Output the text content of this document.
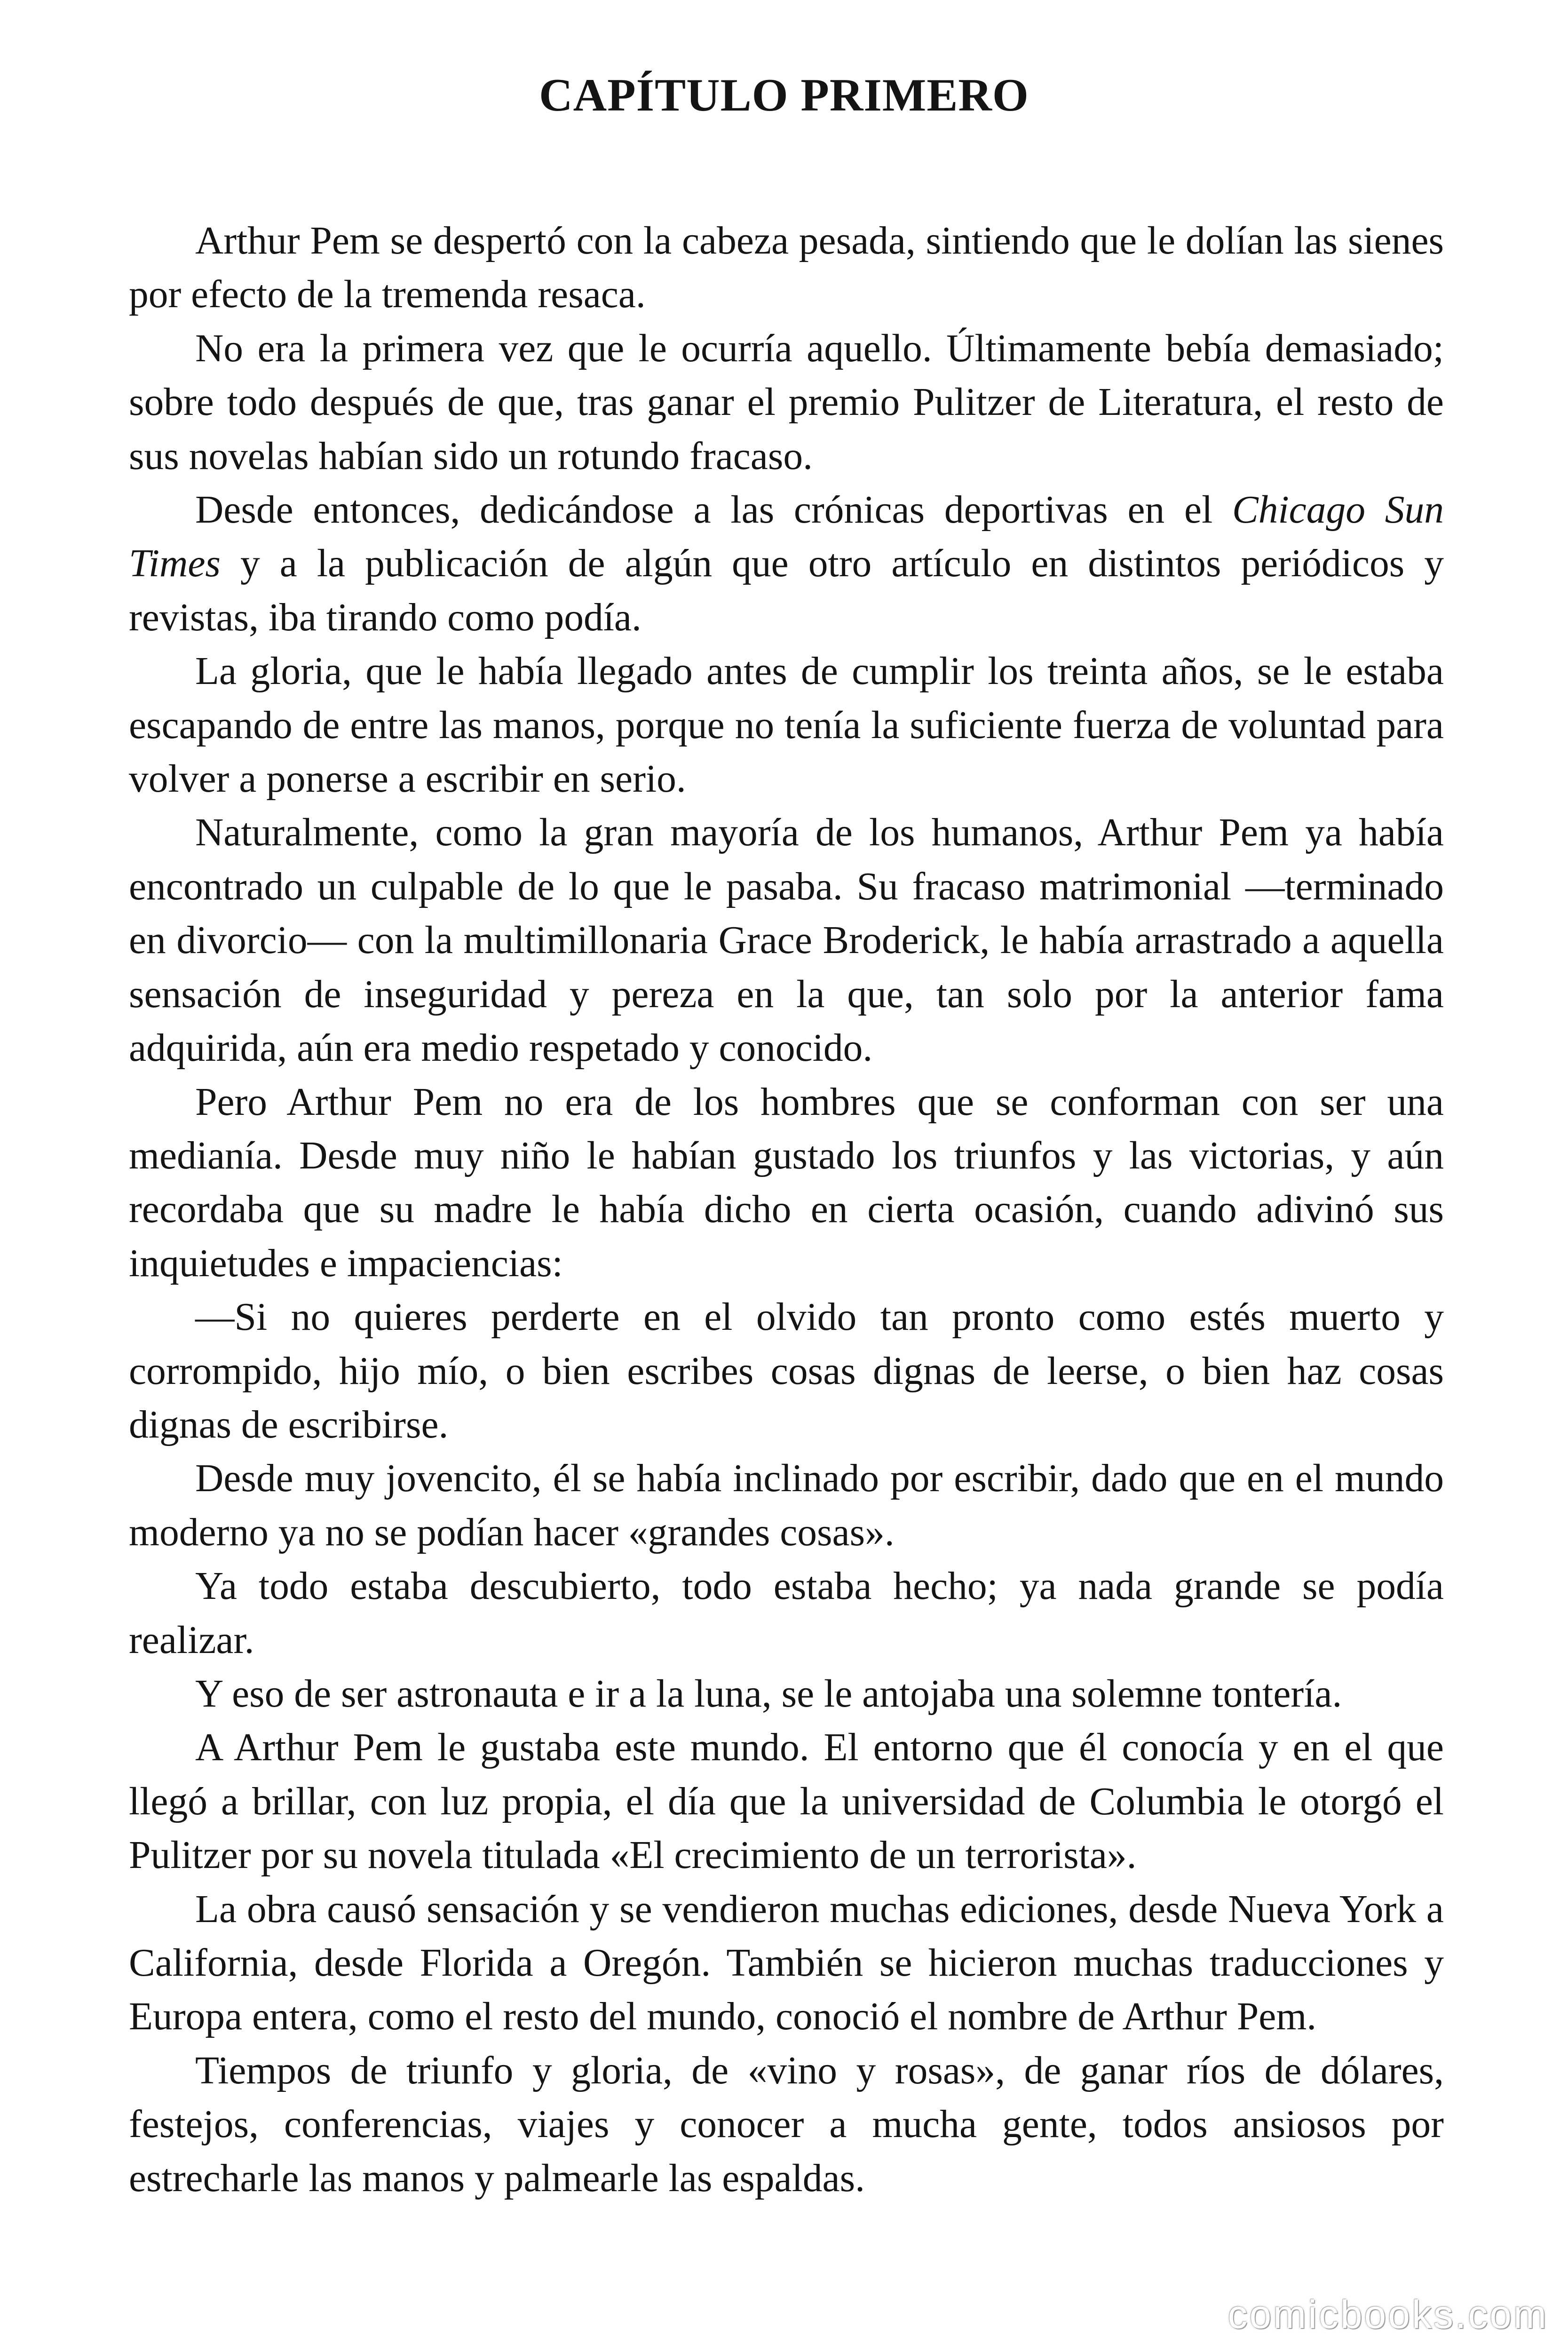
CAPÍTULO PRIMERO

Arthur Pem se despertó con la cabeza pesada, sintiendo que le dolían las sienes por efecto de la tremenda resaca.

No era la primera vez que le ocurría aquello. Últimamente bebía demasiado; sobre todo después de que, tras ganar el premio Pulitzer de Literatura, el resto de sus novelas habían sido un rotundo fracaso.

Desde entonces, dedicándose a las crónicas deportivas en el Chicago Sun Times y a la publicación de algún que otro artículo en distintos periódicos y revistas, iba tirando como podía.

La gloria, que le había llegado antes de cumplir los treinta años, se le estaba escapando de entre las manos, porque no tenía la suficiente fuerza de voluntad para volver a ponerse a escribir en serio.

Naturalmente, como la gran mayoría de los humanos, Arthur Pem ya había encontrado un culpable de lo que le pasaba. Su fracaso matrimonial —terminado en divorcio— con la multimillonaria Grace Broderick, le había arrastrado a aquella sensación de inseguridad y pereza en la que, tan solo por la anterior fama adquirida, aún era medio respetado y conocido.

Pero Arthur Pem no era de los hombres que se conforman con ser una medianía. Desde muy niño le habían gustado los triunfos y las victorias, y aún recordaba que su madre le había dicho en cierta ocasión, cuando adivinó sus inquietudes e impaciencias:

—Si no quieres perderte en el olvido tan pronto como estés muerto y corrompido, hijo mío, o bien escribes cosas dignas de leerse, o bien haz cosas dignas de escribirse.

Desde muy jovencito, él se había inclinado por escribir, dado que en el mundo moderno ya no se podían hacer «grandes cosas».

Ya todo estaba descubierto, todo estaba hecho; ya nada grande se podía realizar.

Y eso de ser astronauta e ir a la luna, se le antojaba una solemne tontería.

A Arthur Pem le gustaba este mundo. El entorno que él conocía y en el que llegó a brillar, con luz propia, el día que la universidad de Columbia le otorgó el Pulitzer por su novela titulada «El crecimiento de un terrorista».

La obra causó sensación y se vendieron muchas ediciones, desde Nueva York a California, desde Florida a Oregón. También se hicieron muchas traducciones y Europa entera, como el resto del mundo, conoció el nombre de Arthur Pem.

Tiempos de triunfo y gloria, de «vino y rosas», de ganar ríos de dólares, festejos, conferencias, viajes y conocer a mucha gente, todos ansiosos por estrecharle las manos y palmearle las espaldas.

comicbooks.com
